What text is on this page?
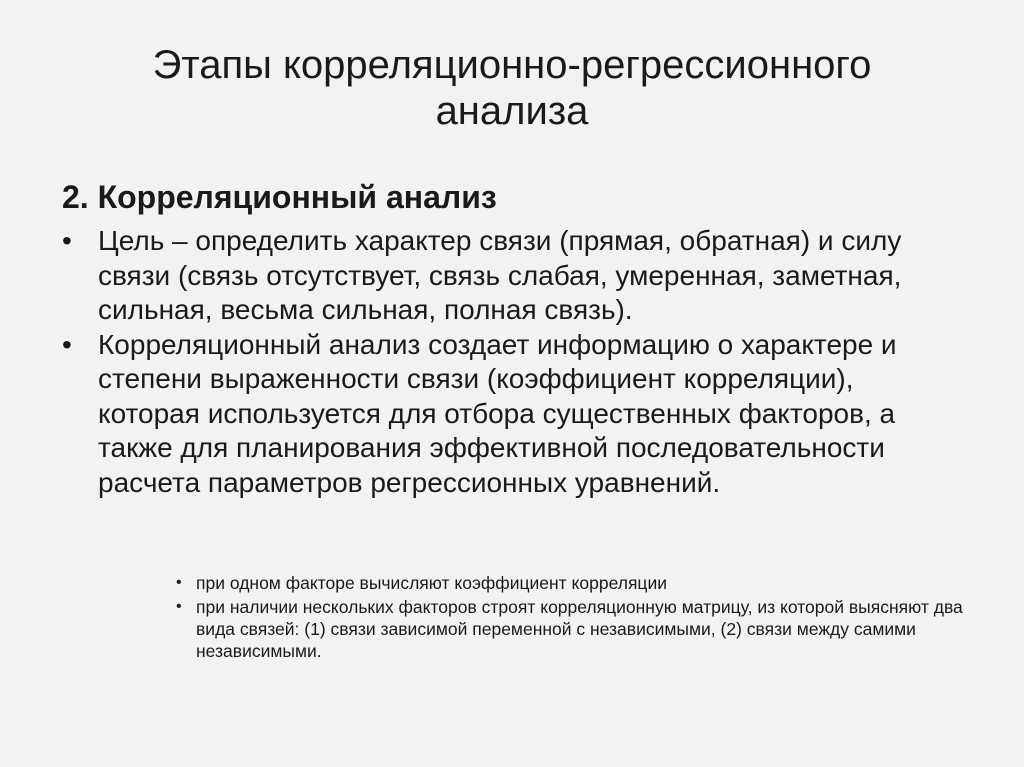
Этапы корреляционно-регрессионного
анализа
2. Корреляционный анализ
• Цель – определить характер связи (прямая, обратная) и силу связи (связь отсутствует, связь слабая, умеренная, заметная, сильная, весьма сильная, полная связь).
• Корреляционный анализ создает информацию о характере и степени выраженности связи (коэффициент корреляции), которая используется для отбора существенных факторов, а также для планирования эффективной последовательности расчета параметров регрессионных уравнений.
• при одном факторе вычисляют коэффициент корреляции
• при наличии нескольких факторов строят корреляционную матрицу, из которой выясняют два вида связей: (1) связи зависимой переменной с независимыми, (2) связи между самими независимыми.
